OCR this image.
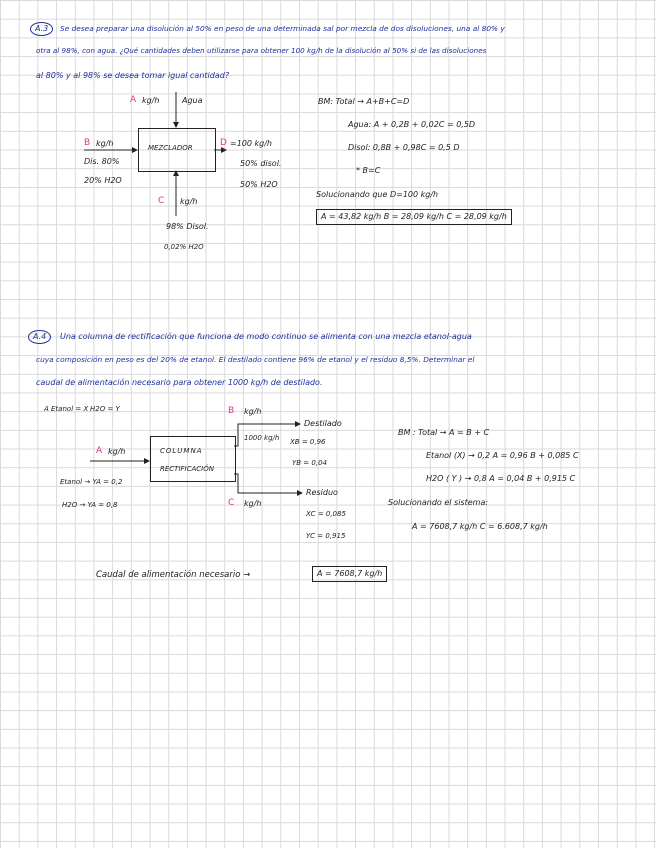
A.3	Se desea preparar una disolución al 50% en peso de una determinada sal por mezcla de dos disoluciones, una al 80% y
otra al 98%, con agua. ¿Qué cantidades deben utilizarse para obtener 100 kg/h de la disolución al 50% si de las disoluciones
al 80% y al 98% se desea tomar igual cantidad?
A kg/h	Agua
B kg/h
Dis. 80%
20% H2O
MEZCLADOR	D =100 kg/h
50% disol.
50% H2O
C kg/h
98% Disol.
0,02% H2O
BM: Total → A+B+C=D
Agua: A + 0,2B + 0,02C = 0,5D
Disol: 0,8B + 0,98C = 0,5 D
* B=C
Solucionando que D=100 kg/h
A = 43,82 kg/h B = 28,09 kg/h C = 28,09 kg/h
A.4	Una columna de rectificación que funciona de modo continuo se alimenta con una mezcla etanol-agua
cuya composición en peso es del 20% de etanol. El destilado contiene 96% de etanol y el residuo 8,5%. Determinar el
caudal de alimentación necesario para obtener 1000 kg/h de destilado.
A Etanol = X H2O = Y
A kg/h
Etanol → YA = 0,2
H2O → YA = 0,8
COLUMNA
RECTIFICACIÓN
B kg/h
Destilado
1000 kg/h XB = 0,96
YB = 0,04
Residuo
C kg/h
XC = 0,085
YC = 0,915
BM : Total → A = B + C
Etanol (X) → 0,2 A = 0,96 B + 0,085 C
H2O ( Y ) → 0,8 A = 0,04 B + 0,915 C
Solucionando el sistema:
A = 7608,7 kg/h C = 6.608,7 kg/h
Caudal de alimentación necesario →	A = 7608,7 kg/h
